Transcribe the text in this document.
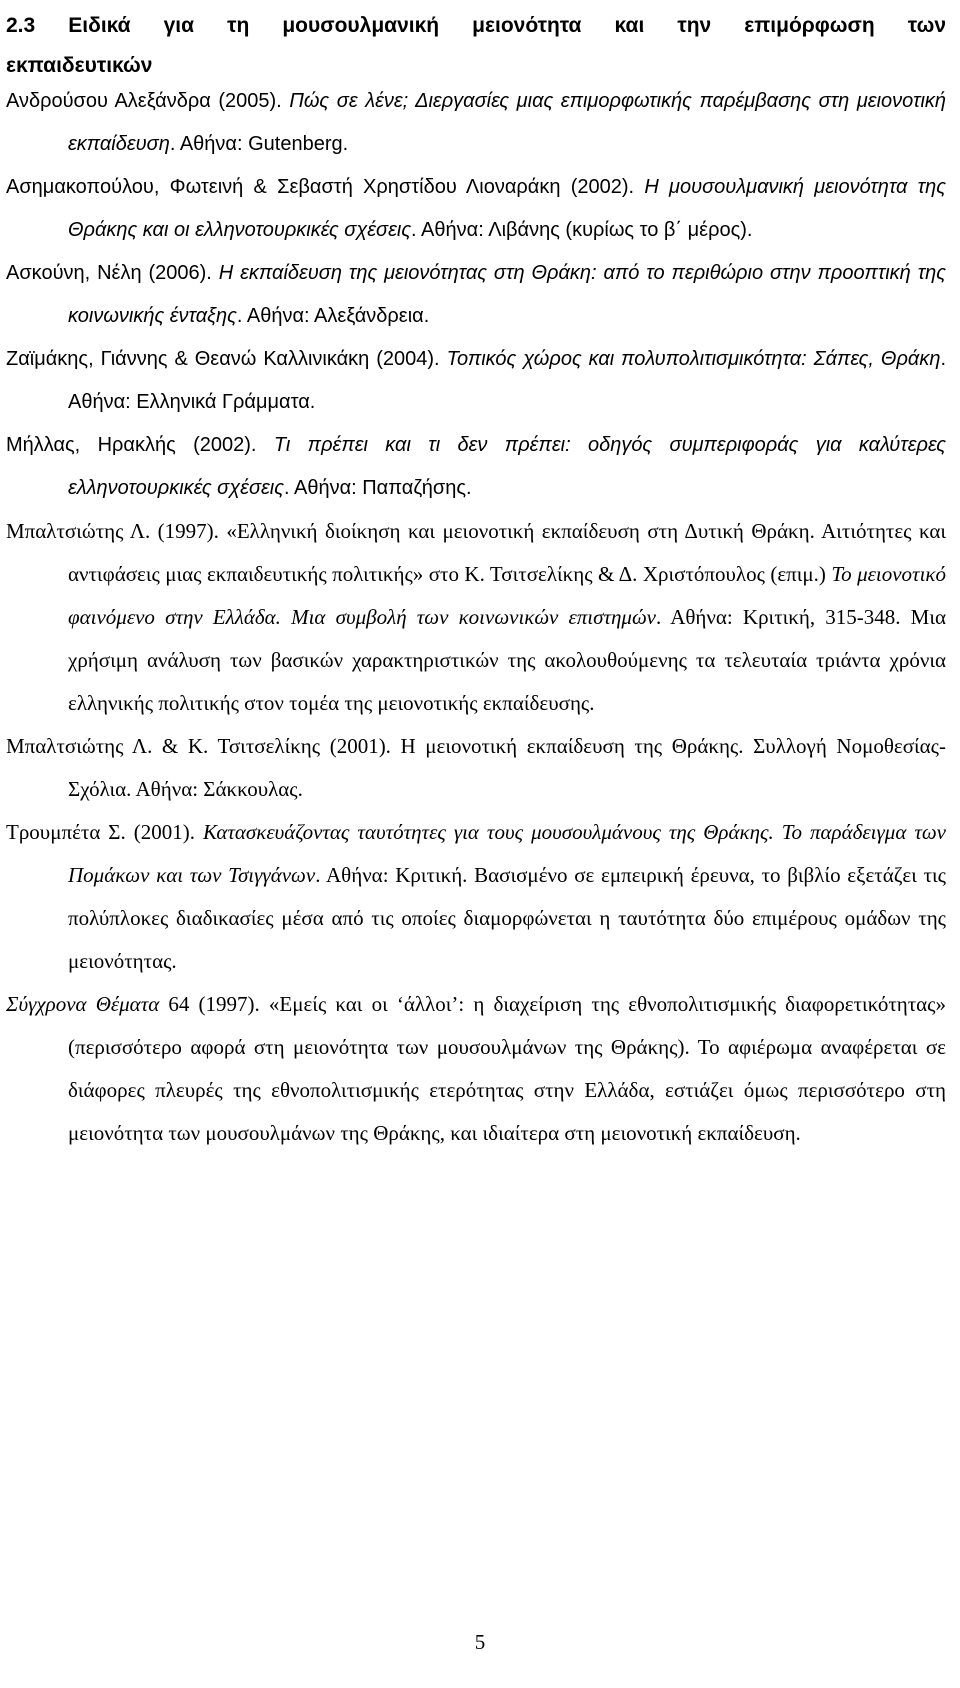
2.3 Ειδικά για τη μουσουλμανική μειονότητα και την επιμόρφωση των
εκπαιδευτικών

Ανδρούσου Αλεξάνδρα (2005). Πώς σε λένε; Διεργασίες μιας επιμορφωτικής παρέμβασης στη μειονοτική εκπαίδευση. Αθήνα: Gutenberg.

Ασημακοπούλου, Φωτεινή & Σεβαστή Χρηστίδου Λιοναράκη (2002). Η μουσουλμανική μειονότητα της Θράκης και οι ελληνοτουρκικές σχέσεις. Αθήνα: Λιβάνης (κυρίως το β΄ μέρος).

Ασκούνη, Νέλη (2006). Η εκπαίδευση της μειονότητας στη Θράκη: από το περιθώριο στην προοπτική της κοινωνικής ένταξης. Αθήνα: Αλεξάνδρεια.

Ζαϊμάκης, Γιάννης & Θεανώ Καλλινικάκη (2004). Τοπικός χώρος και πολυπολιτισμικότητα: Σάπες, Θράκη. Αθήνα: Ελληνικά Γράμματα.

Μήλλας, Ηρακλής (2002). Τι πρέπει και τι δεν πρέπει: οδηγός συμπεριφοράς για καλύτερες ελληνοτουρκικές σχέσεις. Αθήνα: Παπαζήσης.

Μπαλτσιώτης Λ. (1997). «Ελληνική διοίκηση και μειονοτική εκπαίδευση στη Δυτική Θράκη. Αιτιότητες και αντιφάσεις μιας εκπαιδευτικής πολιτικής» στο Κ. Τσιτσελίκης & Δ. Χριστόπουλος (επιμ.) Το μειονοτικό φαινόμενο στην Ελλάδα. Μια συμβολή των κοινωνικών επιστημών. Αθήνα: Κριτική, 315-348. Μια χρήσιμη ανάλυση των βασικών χαρακτηριστικών της ακολουθούμενης τα τελευταία τριάντα χρόνια ελληνικής πολιτικής στον τομέα της μειονοτικής εκπαίδευσης.

Μπαλτσιώτης Λ. & Κ. Τσιτσελίκης (2001). Η μειονοτική εκπαίδευση της Θράκης. Συλλογή Νομοθεσίας-Σχόλια. Αθήνα: Σάκκουλας.

Τρουμπέτα Σ. (2001). Κατασκευάζοντας ταυτότητες για τους μουσουλμάνους της Θράκης. Το παράδειγμα των Πομάκων και των Τσιγγάνων. Αθήνα: Κριτική. Βασισμένο σε εμπειρική έρευνα, το βιβλίο εξετάζει τις πολύπλοκες διαδικασίες μέσα από τις οποίες διαμορφώνεται η ταυτότητα δύο επιμέρους ομάδων της μειονότητας.

Σύγχρονα Θέματα 64 (1997). «Εμείς και οι ‘άλλοι’: η διαχείριση της εθνοπολιτισμικής διαφορετικότητας» (περισσότερο αφορά στη μειονότητα των μουσουλμάνων της Θράκης). Το αφιέρωμα αναφέρεται σε διάφορες πλευρές της εθνοπολιτισμικής ετερότητας στην Ελλάδα, εστιάζει όμως περισσότερο στη μειονότητα των μουσουλμάνων της Θράκης, και ιδιαίτερα στη μειονοτική εκπαίδευση.

5
